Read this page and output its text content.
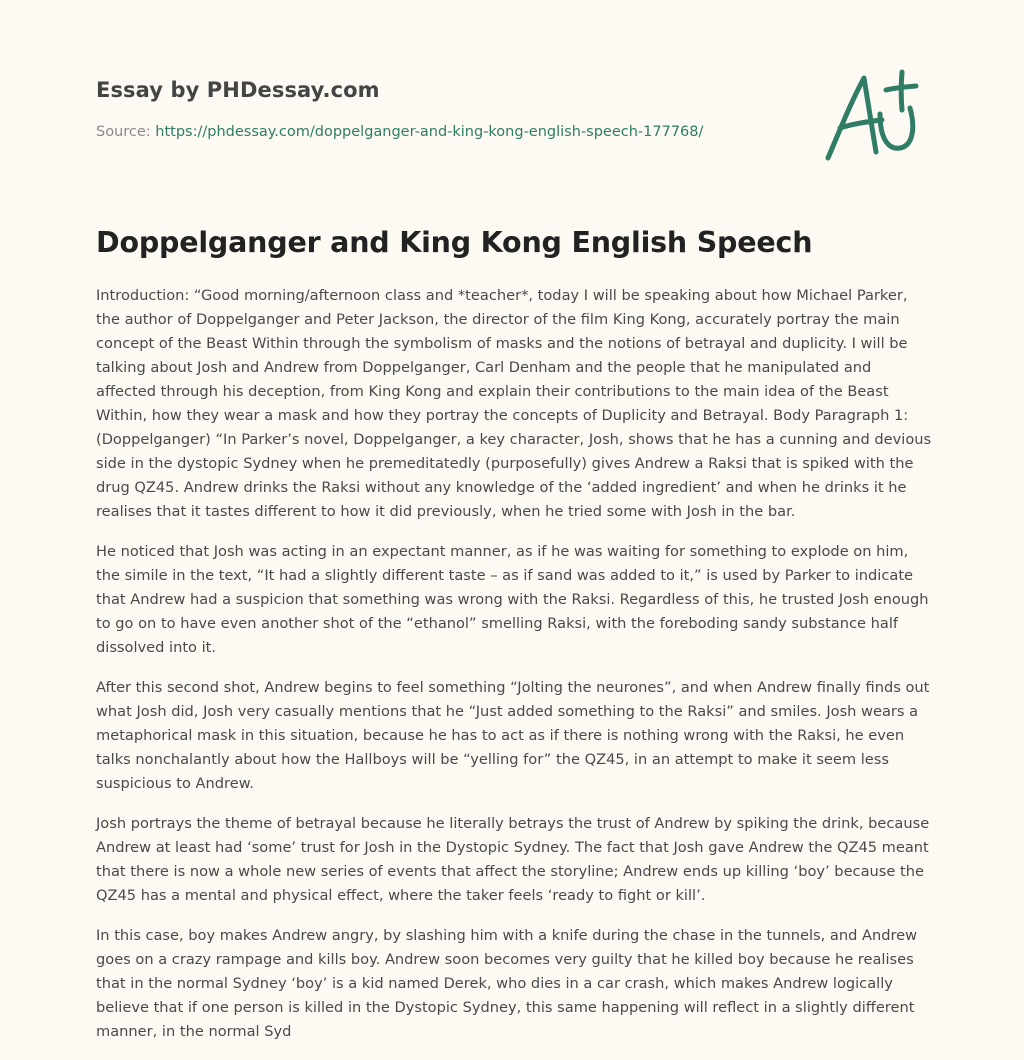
Essay by PHDessay.com
Source: https://phdessay.com/doppelganger-and-king-kong-english-speech-177768/
Doppelganger and King Kong English Speech

Introduction: “Good morning/afternoon class and *teacher*, today I will be speaking about how Michael Parker, the author of Doppelganger and Peter Jackson, the director of the film King Kong, accurately portray the main concept of the Beast Within through the symbolism of masks and the notions of betrayal and duplicity. I will be talking about Josh and Andrew from Doppelganger, Carl Denham and the people that he manipulated and affected through his deception, from King Kong and explain their contributions to the main idea of the Beast Within, how they wear a mask and how they portray the concepts of Duplicity and Betrayal. Body Paragraph 1: (Doppelganger) “In Parker’s novel, Doppelganger, a key character, Josh, shows that he has a cunning and devious side in the dystopic Sydney when he premeditatedly (purposefully) gives Andrew a Raksi that is spiked with the drug QZ45. Andrew drinks the Raksi without any knowledge of the ‘added ingredient’ and when he drinks it he realises that it tastes different to how it did previously, when he tried some with Josh in the bar.

He noticed that Josh was acting in an expectant manner, as if he was waiting for something to explode on him, the simile in the text, “It had a slightly different taste – as if sand was added to it,” is used by Parker to indicate that Andrew had a suspicion that something was wrong with the Raksi. Regardless of this, he trusted Josh enough to go on to have even another shot of the “ethanol” smelling Raksi, with the foreboding sandy substance half dissolved into it.

After this second shot, Andrew begins to feel something “Jolting the neurones”, and when Andrew finally finds out what Josh did, Josh very casually mentions that he “Just added something to the Raksi” and smiles. Josh wears a metaphorical mask in this situation, because he has to act as if there is nothing wrong with the Raksi, he even talks nonchalantly about how the Hallboys will be “yelling for” the QZ45, in an attempt to make it seem less suspicious to Andrew.

Josh portrays the theme of betrayal because he literally betrays the trust of Andrew by spiking the drink, because Andrew at least had ‘some’ trust for Josh in the Dystopic Sydney. The fact that Josh gave Andrew the QZ45 meant that there is now a whole new series of events that affect the storyline; Andrew ends up killing ‘boy’ because the QZ45 has a mental and physical effect, where the taker feels ‘ready to fight or kill’.

In this case, boy makes Andrew angry, by slashing him with a knife during the chase in the tunnels, and Andrew goes on a crazy rampage and kills boy. Andrew soon becomes very guilty that he killed boy because he realises that in the normal Sydney ‘boy’ is a kid named Derek, who dies in a car crash, which makes Andrew logically believe that if one person is killed in the Dystopic Sydney, this same happening will reflect in a slightly different manner, in the normal Syd
